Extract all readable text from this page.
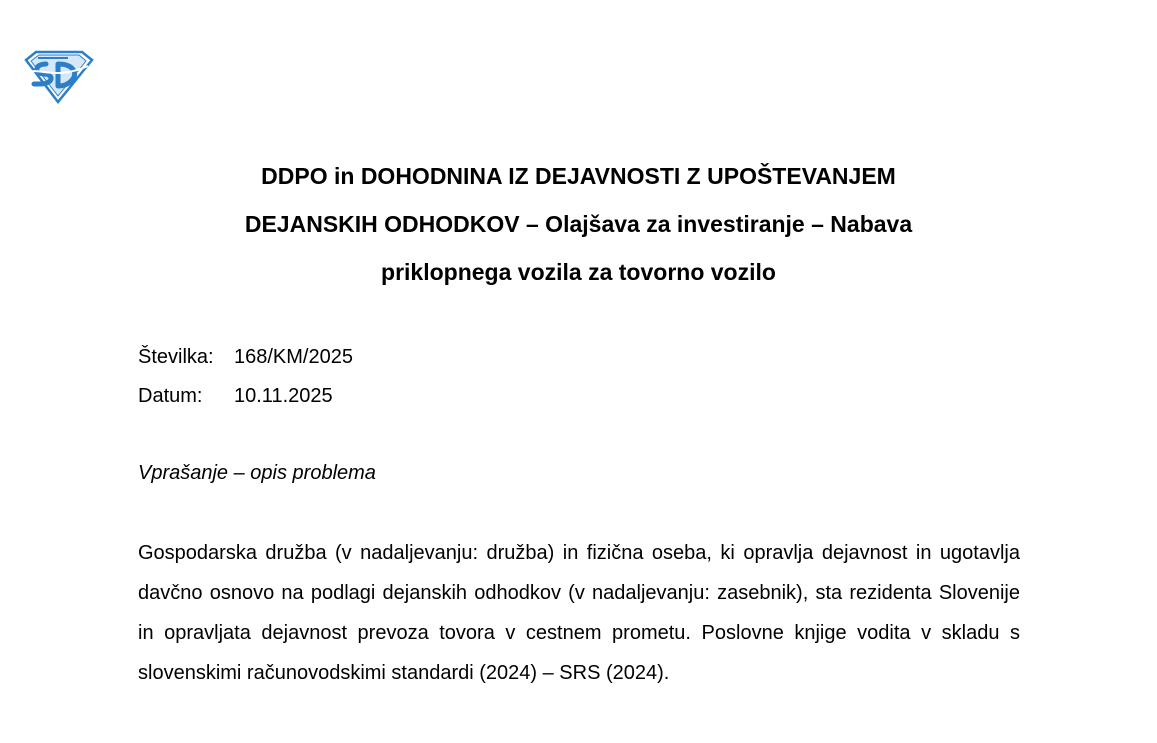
DDPO in DOHODNINA IZ DEJAVNOSTI Z UPOŠTEVANJEM
DEJANSKIH ODHODKOV – Olajšava za investiranje – Nabava
priklopnega vozila za tovorno vozilo
Številka:	168/KM/2025
Datum:	10.11.2025
Vprašanje – opis problema

Gospodarska družba (v nadaljevanju: družba) in fizična oseba, ki opravlja dejavnost in ugotavlja davčno osnovo na podlagi dejanskih odhodkov (v nadaljevanju: zasebnik), sta rezidenta Slovenije in opravljata dejavnost prevoza tovora v cestnem prometu. Poslovne knjige vodita v skladu s slovenskimi računovodskimi standardi (2024) – SRS (2024).
